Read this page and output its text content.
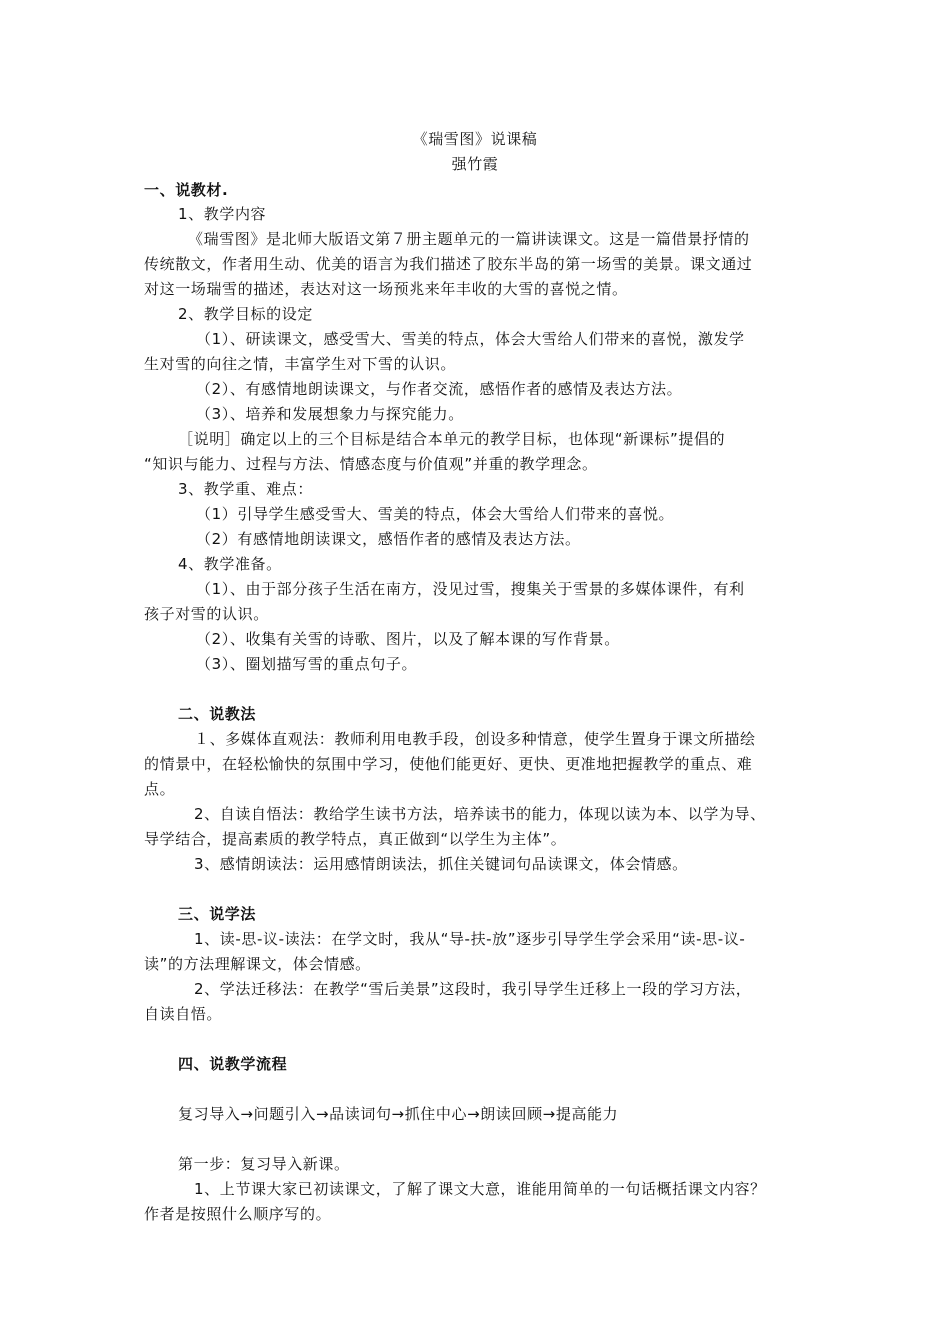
《瑞雪图》说课稿
强竹霞
一、说教材.
1、教学内容
《瑞雪图》是北师大版语文第７册主题单元的一篇讲读课文。这是一篇借景抒情的
传统散文，作者用生动、优美的语言为我们描述了胶东半岛的第一场雪的美景。课文通过
对这一场瑞雪的描述，表达对这一场预兆来年丰收的大雪的喜悦之情。
2、教学目标的设定
（1）、研读课文，感受雪大、雪美的特点，体会大雪给人们带来的喜悦，激发学
生对雪的向往之情，丰富学生对下雪的认识。
（2）、有感情地朗读课文，与作者交流，感悟作者的感情及表达方法。
（3）、培养和发展想象力与探究能力。
［说明］确定以上的三个目标是结合本单元的教学目标，也体现“新课标”提倡的
“知识与能力、过程与方法、情感态度与价值观”并重的教学理念。
3、教学重、难点：
（1）引导学生感受雪大、雪美的特点，体会大雪给人们带来的喜悦。
（2）有感情地朗读课文，感悟作者的感情及表达方法。
4、教学准备。
（1）、由于部分孩子生活在南方，没见过雪，搜集关于雪景的多媒体课件，有利
孩子对雪的认识。
（2）、收集有关雪的诗歌、图片，以及了解本课的写作背景。
（3）、圈划描写雪的重点句子。
二、说教法
１、多媒体直观法：教师利用电教手段，创设多种情意，使学生置身于课文所描绘
的情景中，在轻松愉快的氛围中学习，使他们能更好、更快、更准地把握教学的重点、难
点。
2、自读自悟法：教给学生读书方法，培养读书的能力，体现以读为本、以学为导、
导学结合，提高素质的教学特点，真正做到“以学生为主体”。
3、感情朗读法：运用感情朗读法，抓住关键词句品读课文，体会情感。
三、说学法
1、读-思-议-读法：在学文时，我从“导-扶-放”逐步引导学生学会采用“读-思-议-
读”的方法理解课文，体会情感。
2、学法迁移法：在教学“雪后美景”这段时，我引导学生迁移上一段的学习方法，
自读自悟。
四、说教学流程
复习导入→问题引入→品读词句→抓住中心→朗读回顾→提高能力
第一步：复习导入新课。
1、上节课大家已初读课文，了解了课文大意，谁能用简单的一句话概括课文内容？
作者是按照什么顺序写的。
